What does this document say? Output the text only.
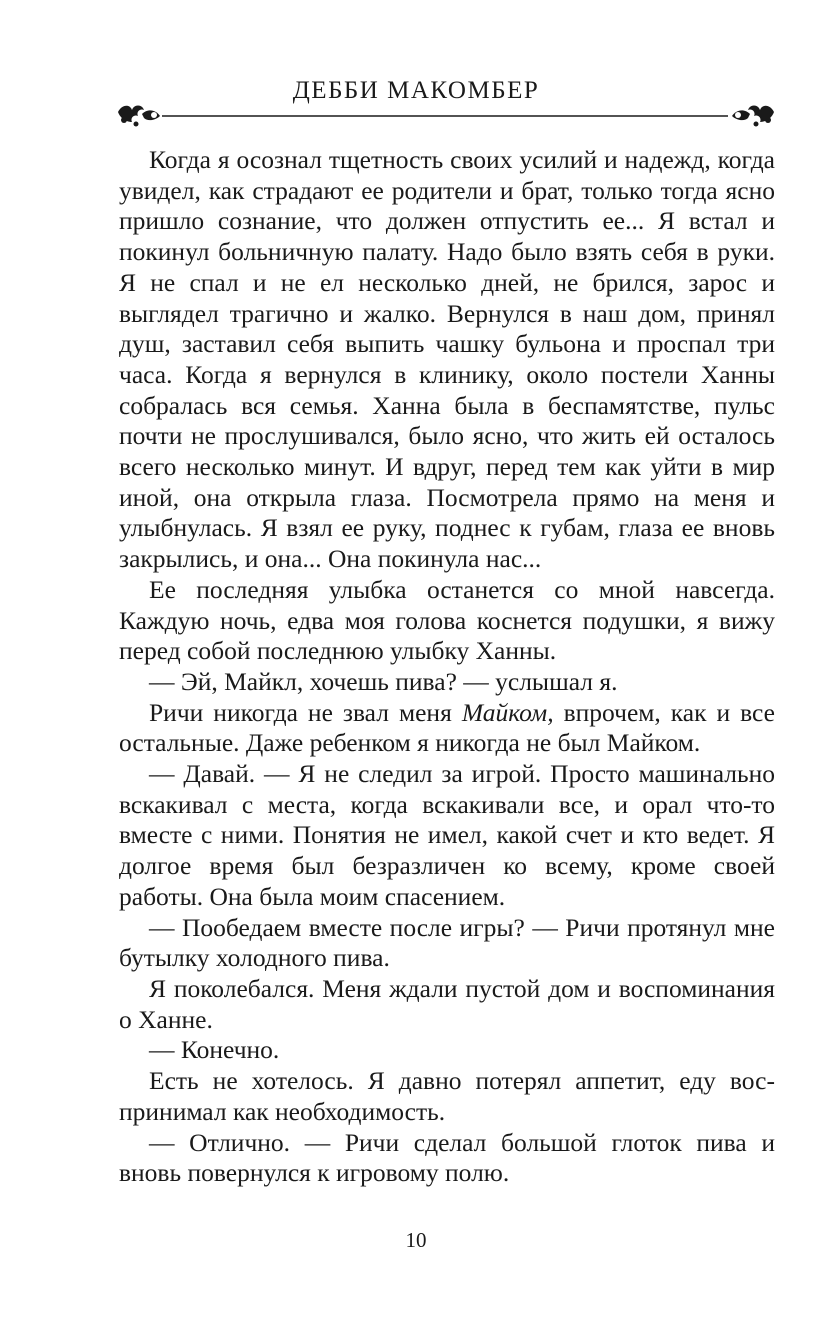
ДЕББИ МАКОМБЕР

Когда я осознал тщетность своих усилий и надежд, когда увидел, как страдают ее родители и брат, только тогда ясно пришло сознание, что должен отпустить ее... Я встал и покинул больничную палату. Надо было взять себя в руки. Я не спал и не ел несколько дней, не брился, зарос и выглядел трагично и жалко. Вернулся в наш дом, принял душ, заставил себя выпить чашку бульона и проспал три часа. Когда я вернулся в клинику, около постели Ханны собралась вся семья. Ханна была в беспамятстве, пульс почти не прослушивался, было ясно, что жить ей осталось всего несколько минут. И вдруг, перед тем как уйти в мир иной, она открыла глаза. Посмотрела прямо на меня и улыбнулась. Я взял ее руку, поднес к губам, глаза ее вновь закрылись, и она... Она покинула нас...

Ее последняя улыбка останется со мной навсегда. Каждую ночь, едва моя голова коснется подушки, я вижу перед собой последнюю улыбку Ханны.

— Эй, Майкл, хочешь пива? — услышал я.

Ричи никогда не звал меня Майком, впрочем, как и все остальные. Даже ребенком я никогда не был Майком.

— Давай. — Я не следил за игрой. Просто машинально вскакивал с места, когда вскакивали все, и орал что-то вместе с ними. Понятия не имел, какой счет и кто ведет. Я долгое время был безразличен ко всему, кроме своей работы. Она была моим спасением.

— Пообедаем вместе после игры? — Ричи протянул мне бутылку холодного пива.

Я поколебался. Меня ждали пустой дом и воспоминания о Ханне.

— Конечно.

Есть не хотелось. Я давно потерял аппетит, еду воспринимал как необходимость.

— Отлично. — Ричи сделал большой глоток пива и вновь повернулся к игровому полю.

10
